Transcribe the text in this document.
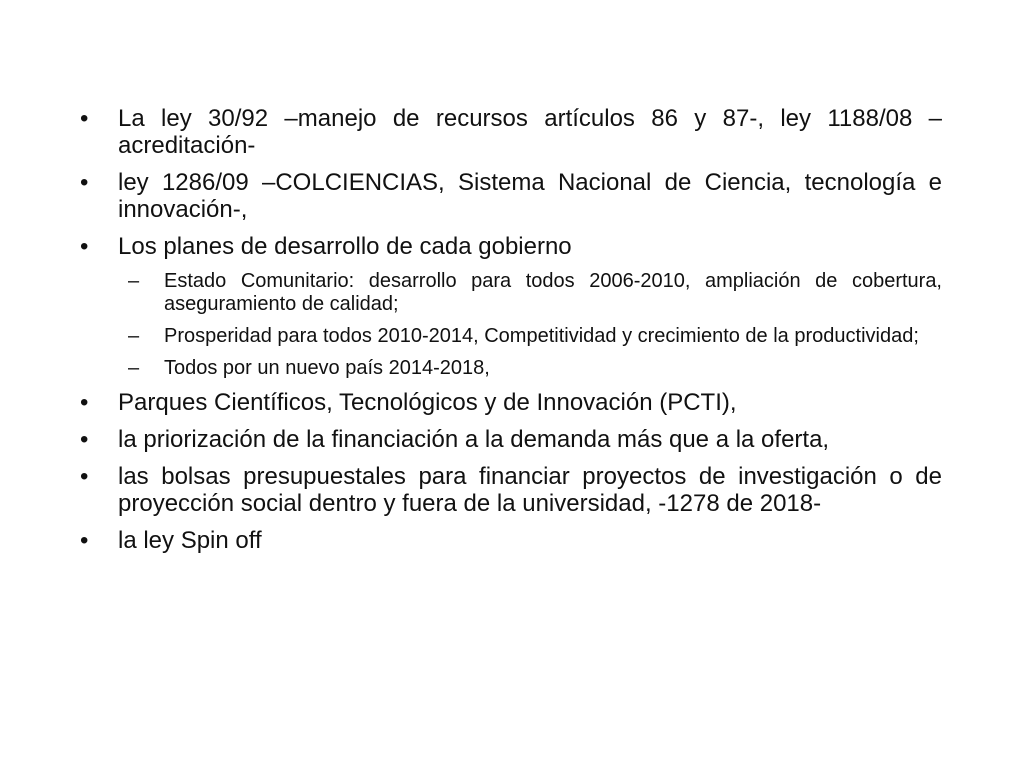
•	La ley 30/92 –manejo de recursos artículos 86 y 87-, ley 1188/08 –acreditación-
•	ley 1286/09 –COLCIENCIAS, Sistema Nacional de Ciencia, tecnología e innovación-,
•	Los planes de desarrollo de cada gobierno
– Estado Comunitario: desarrollo para todos 2006-2010, ampliación de cobertura, aseguramiento de calidad;
– Prosperidad para todos 2010-2014, Competitividad y crecimiento de la productividad;
– Todos por un nuevo país 2014-2018,
•	Parques Científicos, Tecnológicos y de Innovación (PCTI),
•	la priorización de la financiación a la demanda más que a la oferta,
•	las bolsas presupuestales para financiar proyectos de investigación o de proyección social dentro y fuera de la universidad, -1278 de 2018-
•	la ley Spin off
